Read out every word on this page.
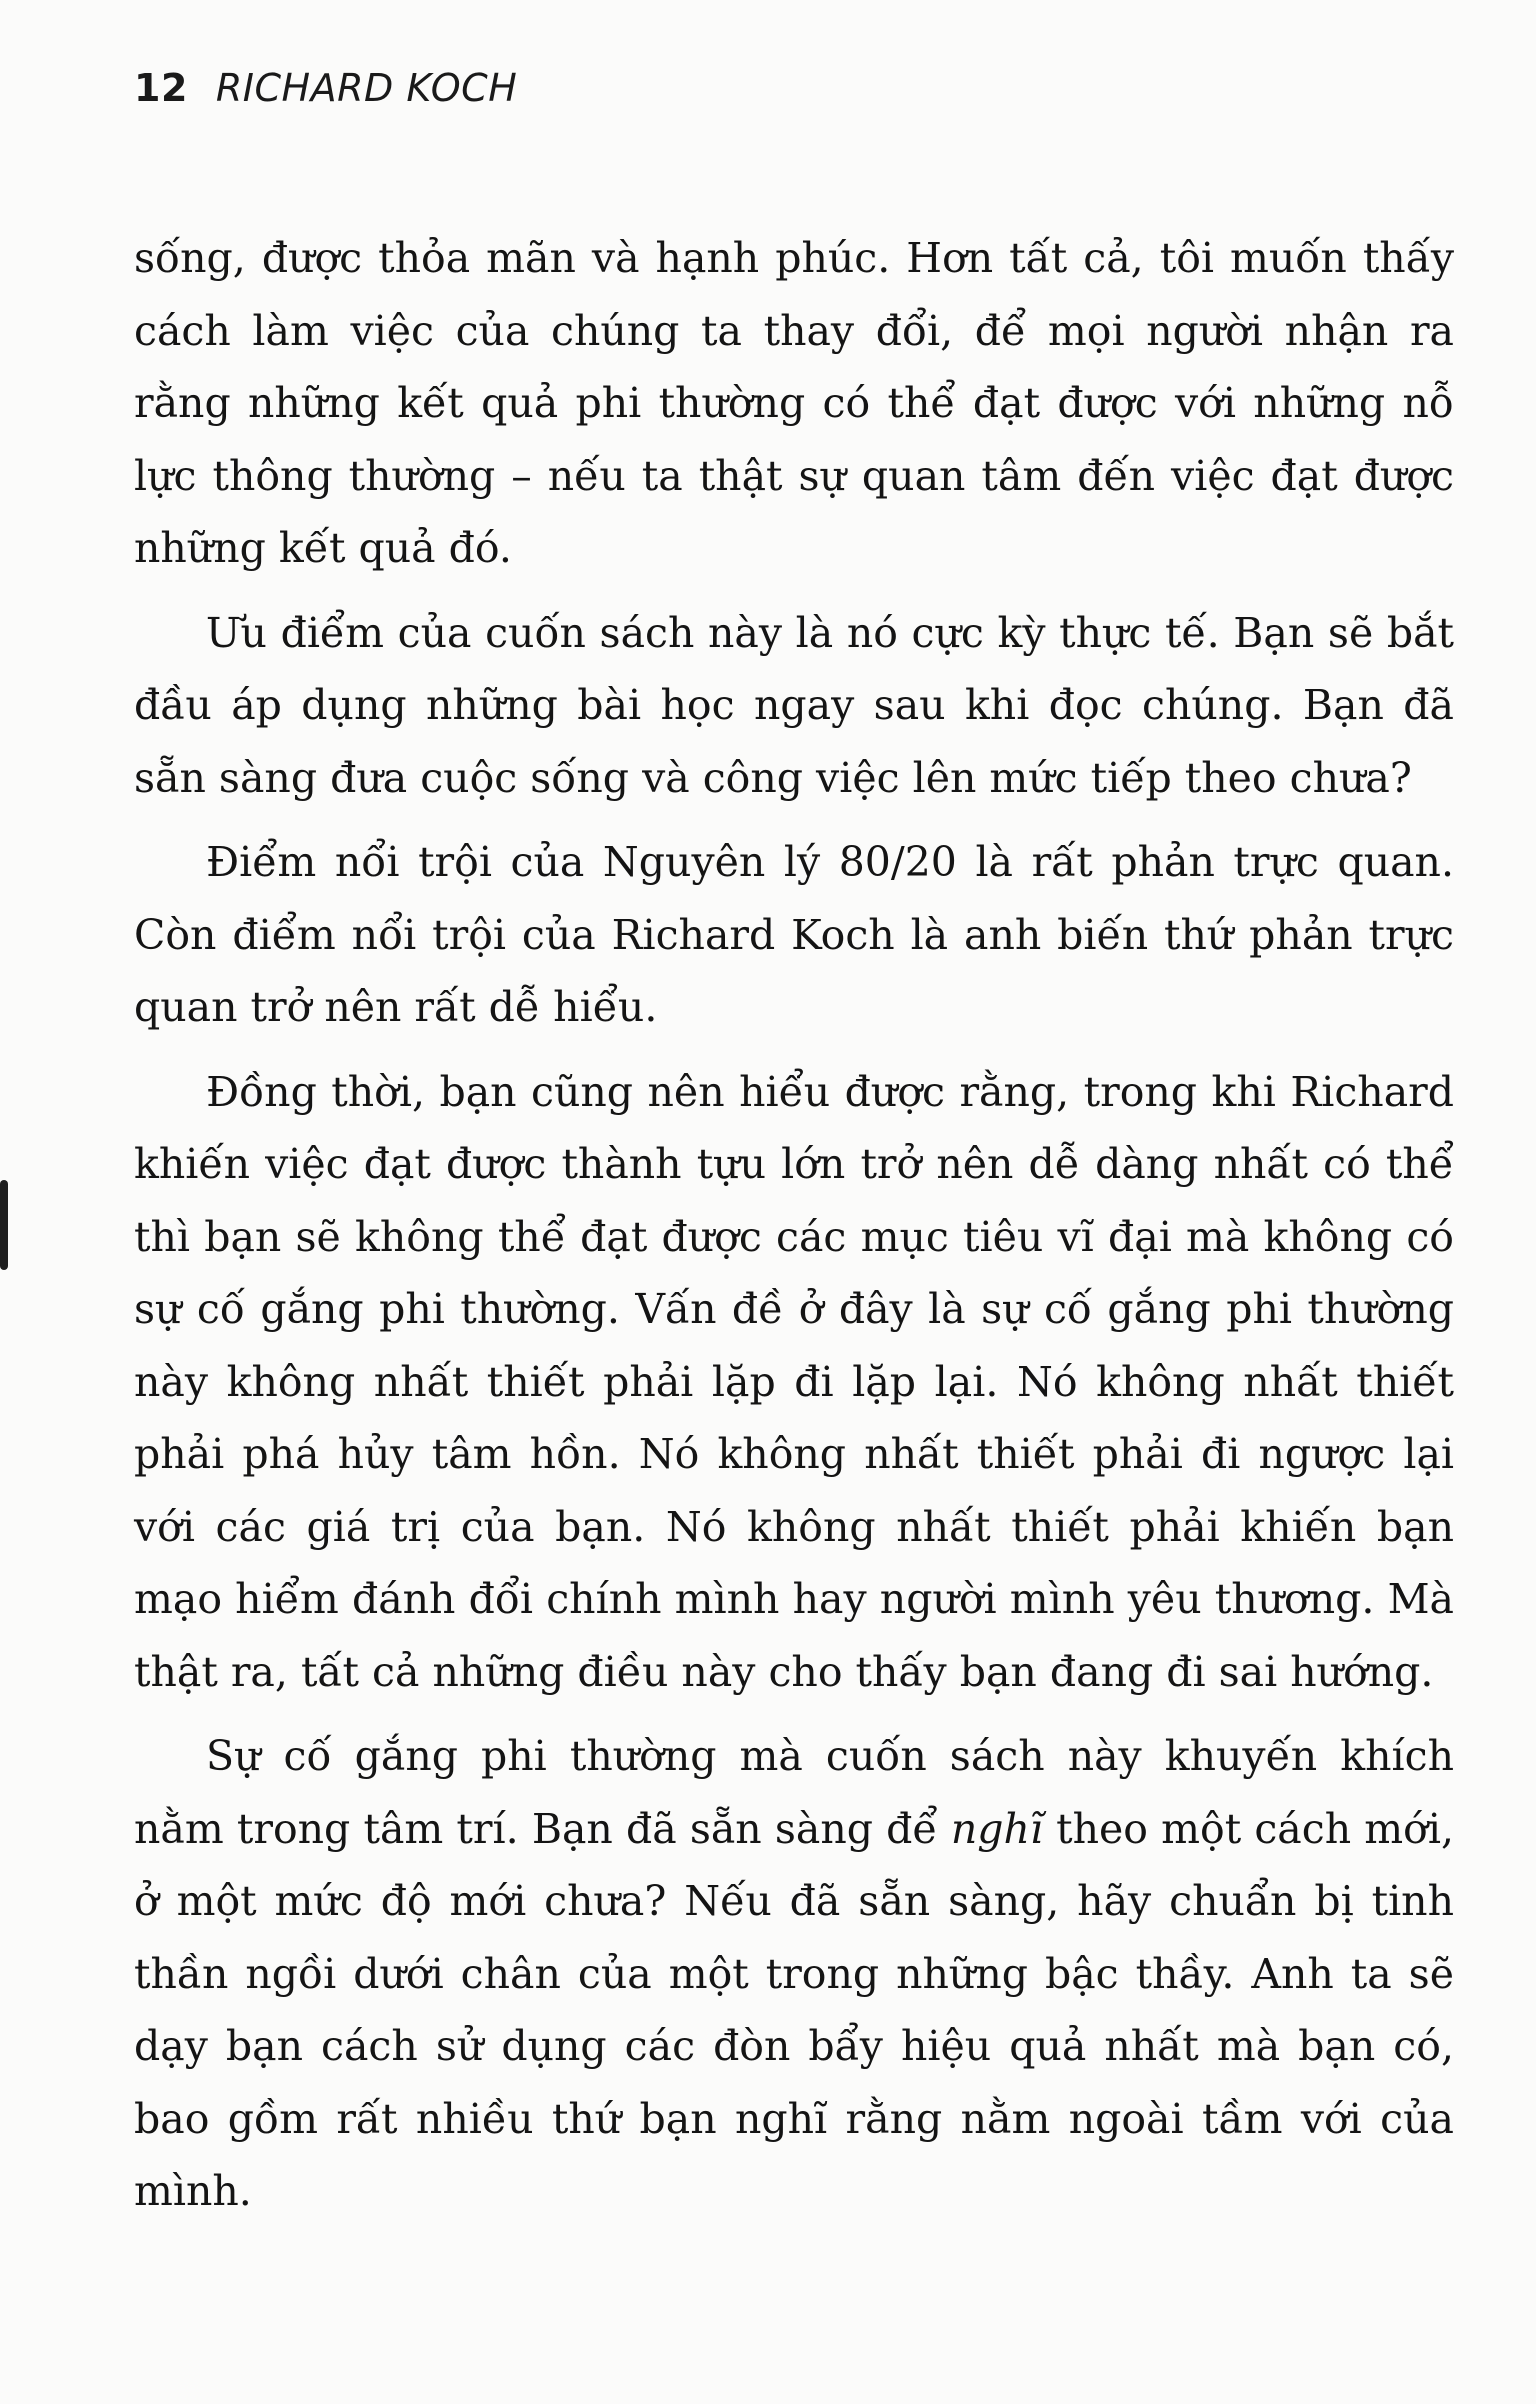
12 RICHARD KOCH

sống, được thỏa mãn và hạnh phúc. Hơn tất cả, tôi muốn thấy cách làm việc của chúng ta thay đổi, để mọi người nhận ra rằng những kết quả phi thường có thể đạt được với những nỗ lực thông thường – nếu ta thật sự quan tâm đến việc đạt được những kết quả đó.

Ưu điểm của cuốn sách này là nó cực kỳ thực tế. Bạn sẽ bắt đầu áp dụng những bài học ngay sau khi đọc chúng. Bạn đã sẵn sàng đưa cuộc sống và công việc lên mức tiếp theo chưa?

Điểm nổi trội của Nguyên lý 80/20 là rất phản trực quan. Còn điểm nổi trội của Richard Koch là anh biến thứ phản trực quan trở nên rất dễ hiểu.

Đồng thời, bạn cũng nên hiểu được rằng, trong khi Richard khiến việc đạt được thành tựu lớn trở nên dễ dàng nhất có thể thì bạn sẽ không thể đạt được các mục tiêu vĩ đại mà không có sự cố gắng phi thường. Vấn đề ở đây là sự cố gắng phi thường này không nhất thiết phải lặp đi lặp lại. Nó không nhất thiết phải phá hủy tâm hồn. Nó không nhất thiết phải đi ngược lại với các giá trị của bạn. Nó không nhất thiết phải khiến bạn mạo hiểm đánh đổi chính mình hay người mình yêu thương. Mà thật ra, tất cả những điều này cho thấy bạn đang đi sai hướng.

Sự cố gắng phi thường mà cuốn sách này khuyến khích nằm trong tâm trí. Bạn đã sẵn sàng để nghĩ theo một cách mới, ở một mức độ mới chưa? Nếu đã sẵn sàng, hãy chuẩn bị tinh thần ngồi dưới chân của một trong những bậc thầy. Anh ta sẽ dạy bạn cách sử dụng các đòn bẩy hiệu quả nhất mà bạn có, bao gồm rất nhiều thứ bạn nghĩ rằng nằm ngoài tầm với của mình.
